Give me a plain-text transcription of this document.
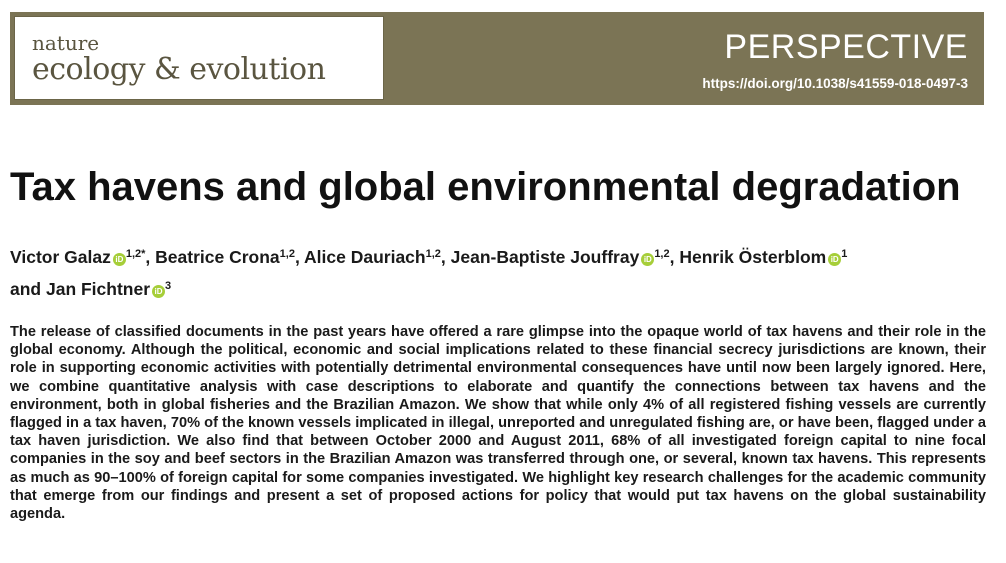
nature
ecology & evolution
PERSPECTIVE
https://doi.org/10.1038/s41559-018-0497-3
Tax havens and global environmental degradation
Victor Galaz iD $^{1,2*}$, Beatrice Crona$^{1,2}$, Alice Dauriach$^{1,2}$, Jean-Baptiste Jouffray iD $^{1,2}$, Henrik Österblom iD $^1$
and Jan Fichtner iD $^3$

The release of classified documents in the past years have offered a rare glimpse into the opaque world of tax havens and their role in the global economy. Although the political, economic and social implications related to these financial secrecy jurisdictions are known, their role in supporting economic activities with potentially detrimental environmental consequences have until now been largely ignored. Here, we combine quantitative analysis with case descriptions to elaborate and quantify the connections between tax havens and the environment, both in global fisheries and the Brazilian Amazon. We show that while only 4% of all registered fishing vessels are currently flagged in a tax haven, 70% of the known vessels implicated in illegal, unreported and unregulated fishing are, or have been, flagged under a tax haven jurisdiction. We also find that between October 2000 and August 2011, 68% of all investigated foreign capital to nine focal companies in the soy and beef sectors in the Brazilian Amazon was transferred through one, or several, known tax havens. This represents as much as 90–100% of foreign capital for some companies investigated. We highlight key research challenges for the academic community that emerge from our findings and present a set of proposed actions for policy that would put tax havens on the global sustainability agenda.
